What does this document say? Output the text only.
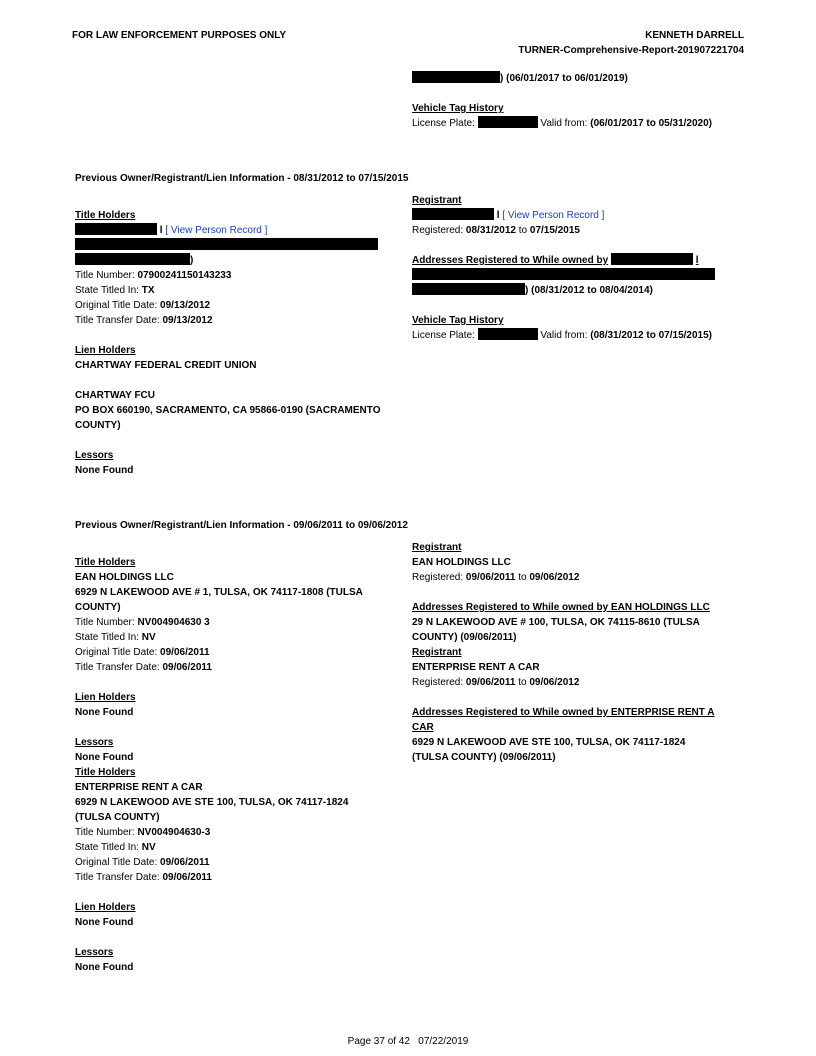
FOR LAW ENFORCEMENT PURPOSES ONLY	KENNETH DARRELL
TURNER-Comprehensive-Report-201907221704
) (06/01/2017 to 06/01/2019)
Vehicle Tag History
License Plate:	Valid from: (06/01/2017 to 05/31/2020)
Previous Owner/Registrant/Lien Information - 08/31/2012 to 07/15/2015
Title Holders
l [ View Person Record ]
)
Title Number: 07900241150143233
State Titled In: TX
Original Title Date: 09/13/2012
Title Transfer Date: 09/13/2012
Lien Holders
CHARTWAY FEDERAL CREDIT UNION
CHARTWAY FCU
PO BOX 660190, SACRAMENTO, CA 95866-0190 (SACRAMENTO
COUNTY)
Lessors
None Found
Registrant
l [ View Person Record ]
Registered: 08/31/2012 to 07/15/2015
Addresses Registered to While owned by	l
) (08/31/2012 to 08/04/2014)
Vehicle Tag History
License Plate:	Valid from: (08/31/2012 to 07/15/2015)
Previous Owner/Registrant/Lien Information - 09/06/2011 to 09/06/2012
Title Holders
EAN HOLDINGS LLC
6929 N LAKEWOOD AVE # 1, TULSA, OK 74117-1808 (TULSA
COUNTY)
Title Number: NV004904630 3
State Titled In: NV
Original Title Date: 09/06/2011
Title Transfer Date: 09/06/2011
Lien Holders
None Found
Lessors
None Found
Title Holders
ENTERPRISE RENT A CAR
6929 N LAKEWOOD AVE STE 100, TULSA, OK 74117-1824
(TULSA COUNTY)
Title Number: NV004904630-3
State Titled In: NV
Original Title Date: 09/06/2011
Title Transfer Date: 09/06/2011
Lien Holders
None Found
Lessors
None Found
Registrant
EAN HOLDINGS LLC
Registered: 09/06/2011 to 09/06/2012
Addresses Registered to While owned by EAN HOLDINGS LLC
29 N LAKEWOOD AVE # 100, TULSA, OK 74115-8610 (TULSA
COUNTY) (09/06/2011)
Registrant
ENTERPRISE RENT A CAR
Registered: 09/06/2011 to 09/06/2012
Addresses Registered to While owned by ENTERPRISE RENT A
CAR
6929 N LAKEWOOD AVE STE 100, TULSA, OK 74117-1824
(TULSA COUNTY) (09/06/2011)
Page 37 of 42 07/22/2019
